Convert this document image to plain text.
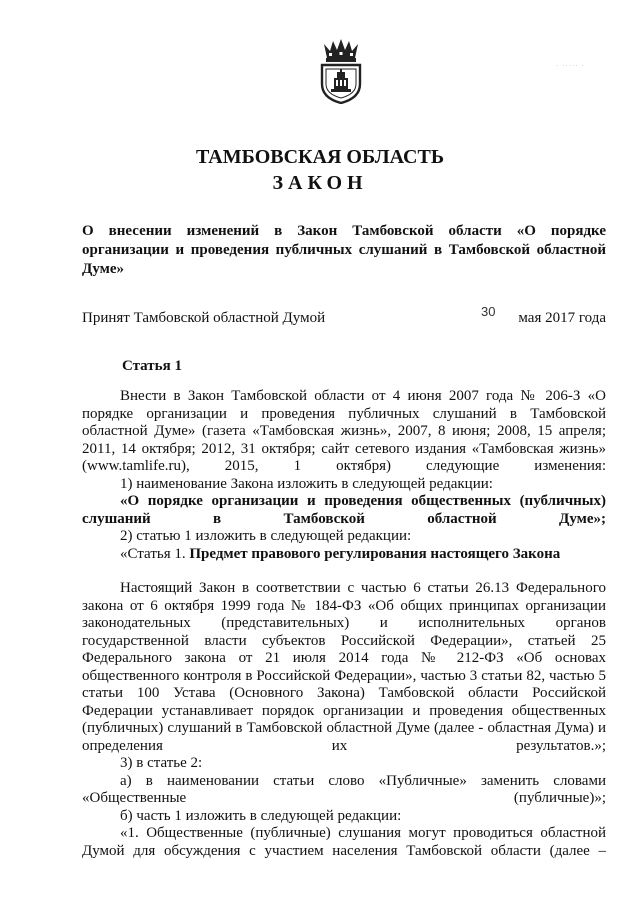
· ····· ·
ТАМБОВСКАЯ ОБЛАСТЬ
ЗАКОН
О внесении изменений в Закон Тамбовской области «О порядке организации и проведения публичных слушаний в Тамбовской областной Думе»
Принят Тамбовской областной Думой	30 мая 2017 года
Статья 1

Внести в Закон Тамбовской области от 4 июня 2007 года № 206-З «О порядке организации и проведения публичных слушаний в Тамбовской областной Думе» (газета «Тамбовская жизнь», 2007, 8 июня; 2008, 15 апреля; 2011, 14 октября; 2012, 31 октября; сайт сетевого издания «Тамбовская жизнь» (www.tamlife.ru), 2015, 1 октября) следующие изменения:

1) наименование Закона изложить в следующей редакции:

«О порядке организации и проведения общественных (публичных) слушаний в Тамбовской областной Думе»;

2) статью 1 изложить в следующей редакции:

«Статья 1. Предмет правового регулирования настоящего Закона

Настоящий Закон в соответствии с частью 6 статьи 26.13 Федерального закона от 6 октября 1999 года № 184-ФЗ «Об общих принципах организации законодательных (представительных) и исполнительных органов государственной власти субъектов Российской Федерации», статьей 25 Федерального закона от 21 июля 2014 года № 212-ФЗ «Об основах общественного контроля в Российской Федерации», частью 3 статьи 82, частью 5 статьи 100 Устава (Основного Закона) Тамбовской области Российской Федерации устанавливает порядок организации и проведения общественных (публичных) слушаний в Тамбовской областной Думе (далее - областная Дума) и определения их результатов.»;

3) в статье 2:

а) в наименовании статьи слово «Публичные» заменить словами «Общественные (публичные)»;

б) часть 1 изложить в следующей редакции:

«1. Общественные (публичные) слушания могут проводиться областной Думой для обсуждения с участием населения Тамбовской области (далее –
